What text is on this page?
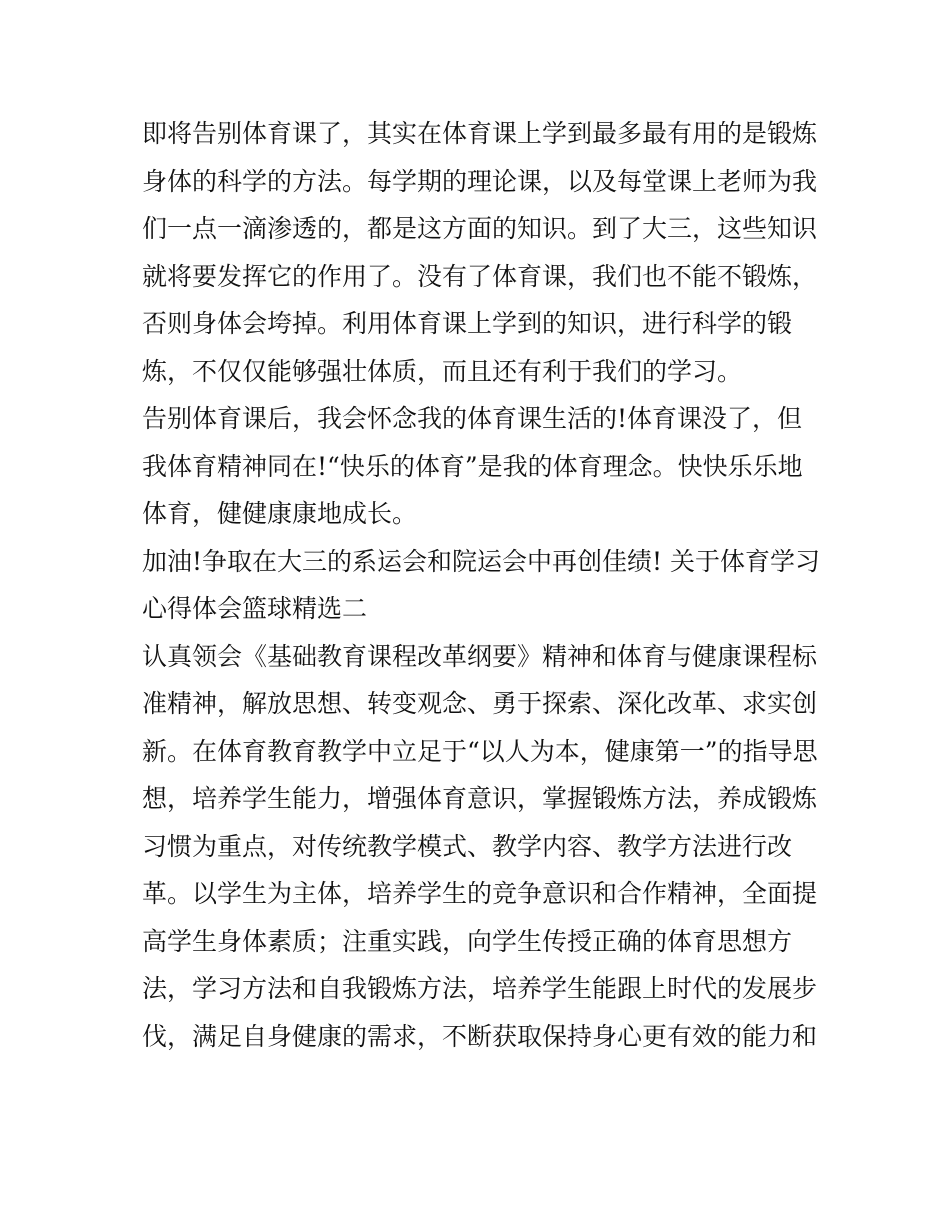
即将告别体育课了，其实在体育课上学到最多最有用的是锻炼
身体的科学的方法。每学期的理论课，以及每堂课上老师为我
们一点一滴渗透的，都是这方面的知识。到了大三，这些知识
就将要发挥它的作用了。没有了体育课，我们也不能不锻炼，
否则身体会垮掉。利用体育课上学到的知识，进行科学的锻
炼，不仅仅能够强壮体质，而且还有利于我们的学习。
告别体育课后，我会怀念我的体育课生活的!体育课没了，但
我体育精神同在!“快乐的体育”是我的体育理念。快快乐乐地
体育，健健康康地成长。
加油!争取在大三的系运会和院运会中再创佳绩! 关于体育学习
心得体会篮球精选二
认真领会《基础教育课程改革纲要》精神和体育与健康课程标
准精神，解放思想、转变观念、勇于探索、深化改革、求实创
新。在体育教育教学中立足于“以人为本，健康第一”的指导思
想，培养学生能力，增强体育意识，掌握锻炼方法，养成锻炼
习惯为重点，对传统教学模式、教学内容、教学方法进行改
革。以学生为主体，培养学生的竞争意识和合作精神，全面提
高学生身体素质；注重实践，向学生传授正确的体育思想方
法，学习方法和自我锻炼方法，培养学生能跟上时代的发展步
伐，满足自身健康的需求，不断获取保持身心更有效的能力和
